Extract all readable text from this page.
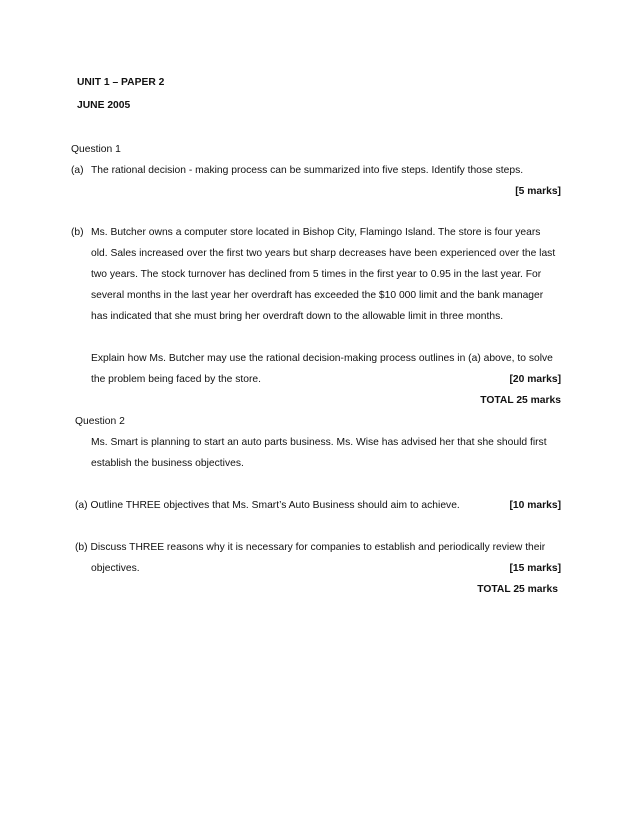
UNIT 1 – PAPER 2
JUNE 2005
Question 1
(a) The rational decision - making process can be summarized into five steps. Identify those steps.
[5 marks]
(b) Ms. Butcher owns a computer store located in Bishop City, Flamingo Island. The store is four years
old. Sales increased over the first two years but sharp decreases have been experienced over the last
two years. The stock turnover has declined from 5 times in the first year to 0.95 in the last year. For
several months in the last year her overdraft has exceeded the $10 000 limit and the bank manager
has indicated that she must bring her overdraft down to the allowable limit in three months.
Explain how Ms. Butcher may use the rational decision-making process outlines in (a) above, to solve
the problem being faced by the store.	[20 marks]
TOTAL 25 marks
Question 2
Ms. Smart is planning to start an auto parts business. Ms. Wise has advised her that she should first
establish the business objectives.
(a) Outline THREE objectives that Ms. Smart’s Auto Business should aim to achieve.	[10 marks]
(b) Discuss THREE reasons why it is necessary for companies to establish and periodically review their
objectives.	[15 marks]
TOTAL 25 marks
